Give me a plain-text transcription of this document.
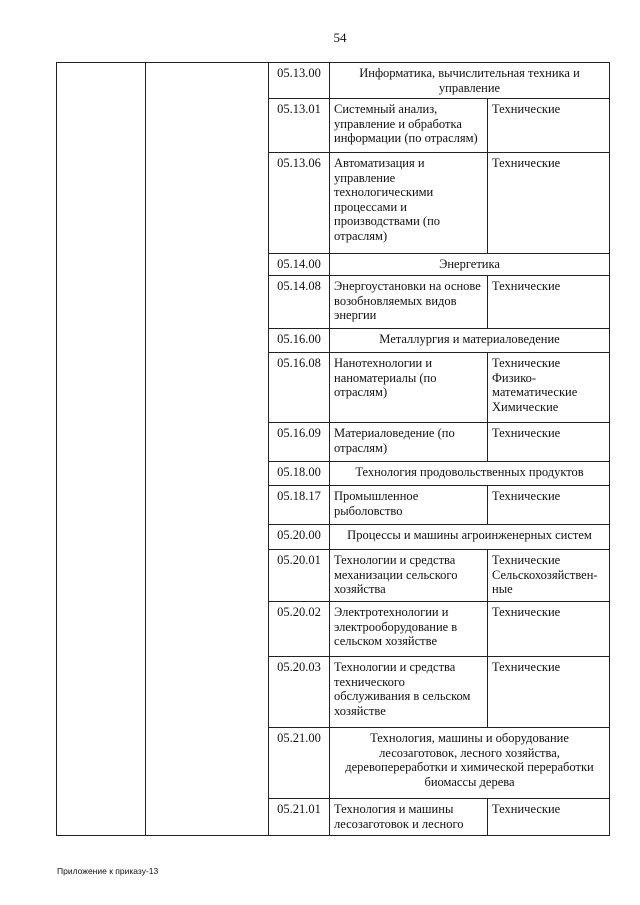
54
		05.13.00	Информатика, вычислительная техника и управление	
		05.13.01	Системный анализ, управление и обработка информации (по отраслям)	Технические
		05.13.06	Автоматизация и управление технологическими процессами и производствами (по отраслям)	Технические
		05.14.00	Энергетика	
		05.14.08	Энергоустановки на основе возобновляемых видов энергии	Технические
		05.16.00	Металлургия и материаловедение	
		05.16.08	Нанотехнологии и наноматериалы (по отраслям)	Технические
Физико-математические
Химические
		05.16.09	Материаловедение (по отраслям)	Технические
		05.18.00	Технология продовольственных продуктов	
		05.18.17	Промышленное рыболовство	Технические
		05.20.00	Процессы и машины агроинженерных систем	
		05.20.01	Технологии и средства механизации сельского хозяйства	Технические
Сельскохозяйствен-
ные
		05.20.02	Электротехнологии и электрооборудование в сельском хозяйстве	Технические
		05.20.03	Технологии и средства технического обслуживания в сельском хозяйстве	Технические
		05.21.00	Технология, машины и оборудование лесозаготовок, лесного хозяйства, деревопереработки и химической переработки биомассы дерева	
		05.21.01	Технология и машины лесозаготовок и лесного	Технические
Приложение к приказу-13
